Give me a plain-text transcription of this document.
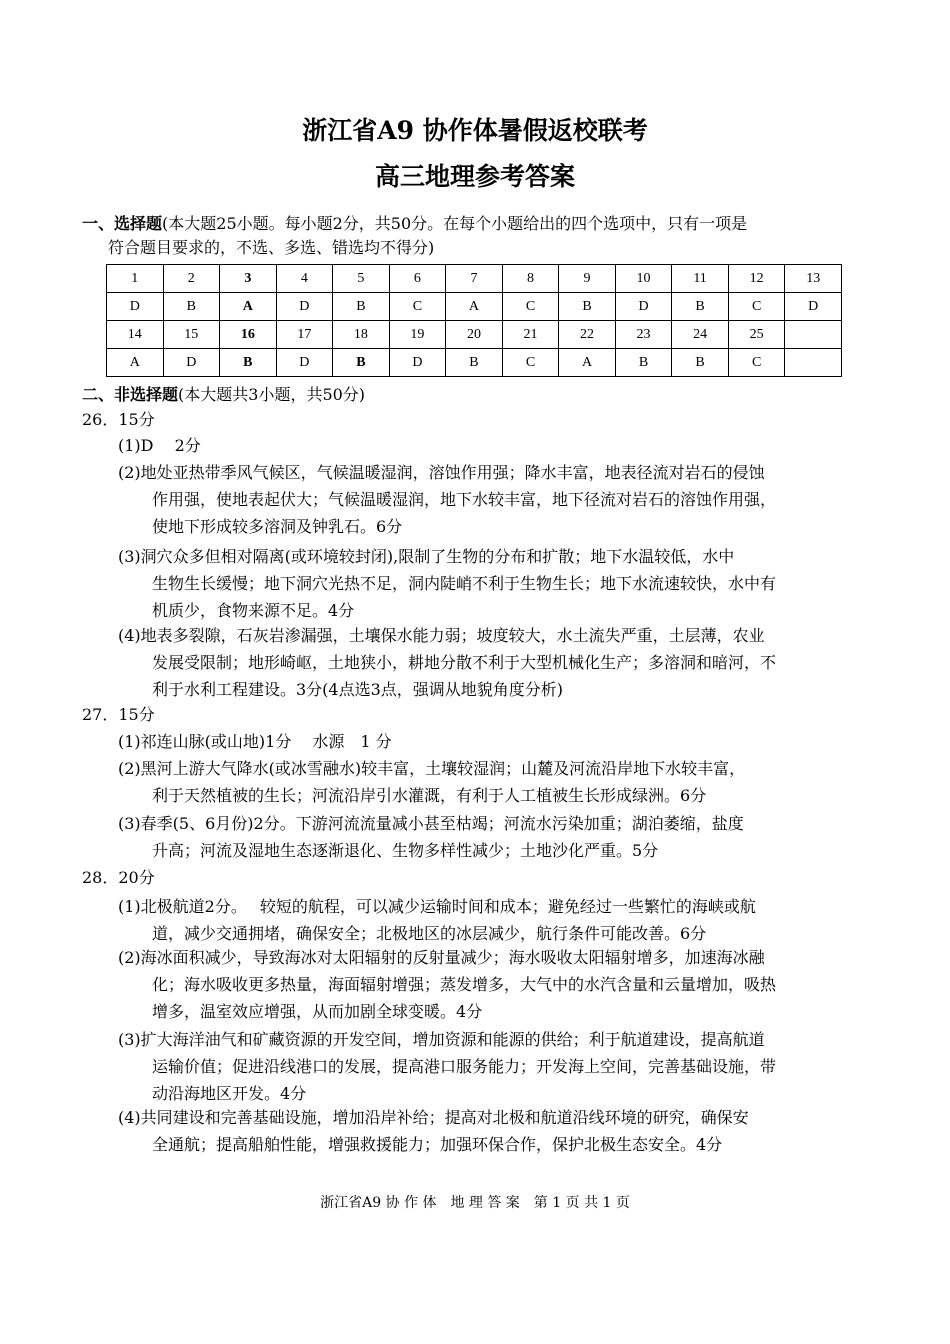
浙江省A9 协作体暑假返校联考
高三地理参考答案
一、选择题(本大题25小题。每小题2分，共50分。在每个小题给出的四个选项中，只有一项是
符合题目要求的，不选、多选、错选均不得分)
1	2	3	4	5	6	7	8	9	10	11	12	13
D	B	A	D	B	C	A	C	B	D	B	C	D
14	15	16	17	18	19	20	21	22	23	24	25	
A	D	B	D	B	D	B	C	A	B	B	C	
二、非选择题(本大题共3小题，共50分)
26．15分
(1)D　 2分
(2)地处亚热带季风气候区，气候温暖湿润，溶蚀作用强；降水丰富，地表径流对岩石的侵蚀
作用强，使地表起伏大；气候温暖湿润，地下水较丰富，地下径流对岩石的溶蚀作用强，
使地下形成较多溶洞及钟乳石。6分
(3)洞穴众多但相对隔离(或环境较封闭),限制了生物的分布和扩散；地下水温较低，水中
生物生长缓慢；地下洞穴光热不足，洞内陡峭不利于生物生长；地下水流速较快，水中有
机质少，食物来源不足。4分
(4)地表多裂隙，石灰岩渗漏强，土壤保水能力弱；坡度较大，水土流失严重，土层薄，农业
发展受限制；地形崎岖，土地狭小，耕地分散不利于大型机械化生产；多溶洞和暗河，不
利于水利工程建设。3分(4点选3点，强调从地貌角度分析)
27．15分
(1)祁连山脉(或山地)1分　 水源　1 分
(2)黑河上游大气降水(或冰雪融水)较丰富，土壤较湿润；山麓及河流沿岸地下水较丰富，
利于天然植被的生长；河流沿岸引水灌溉，有利于人工植被生长形成绿洲。6分
(3)春季(5、6月份)2分。下游河流流量减小甚至枯竭；河流水污染加重；湖泊萎缩，盐度
升高；河流及湿地生态逐渐退化、生物多样性减少；土地沙化严重。5分
28．20分
(1)北极航道2分。　 较短的航程，可以减少运输时间和成本；避免经过一些繁忙的海峡或航
道，减少交通拥堵，确保安全；北极地区的冰层减少，航行条件可能改善。6分
(2)海冰面积减少，导致海冰对太阳辐射的反射量减少；海水吸收太阳辐射增多，加速海冰融
化；海水吸收更多热量，海面辐射增强；蒸发增多，大气中的水汽含量和云量增加，吸热
增多，温室效应增强，从而加剧全球变暖。4分
(3)扩大海洋油气和矿藏资源的开发空间，增加资源和能源的供给；利于航道建设，提高航道
运输价值；促进沿线港口的发展，提高港口服务能力；开发海上空间，完善基础设施，带
动沿海地区开发。4分
(4)共同建设和完善基础设施，增加沿岸补给；提高对北极和航道沿线环境的研究，确保安
全通航；提高船舶性能，增强救援能力；加强环保合作，保护北极生态安全。4分
浙江省A9 协 作 体　地 理 答 案　第 1 页 共 1 页
